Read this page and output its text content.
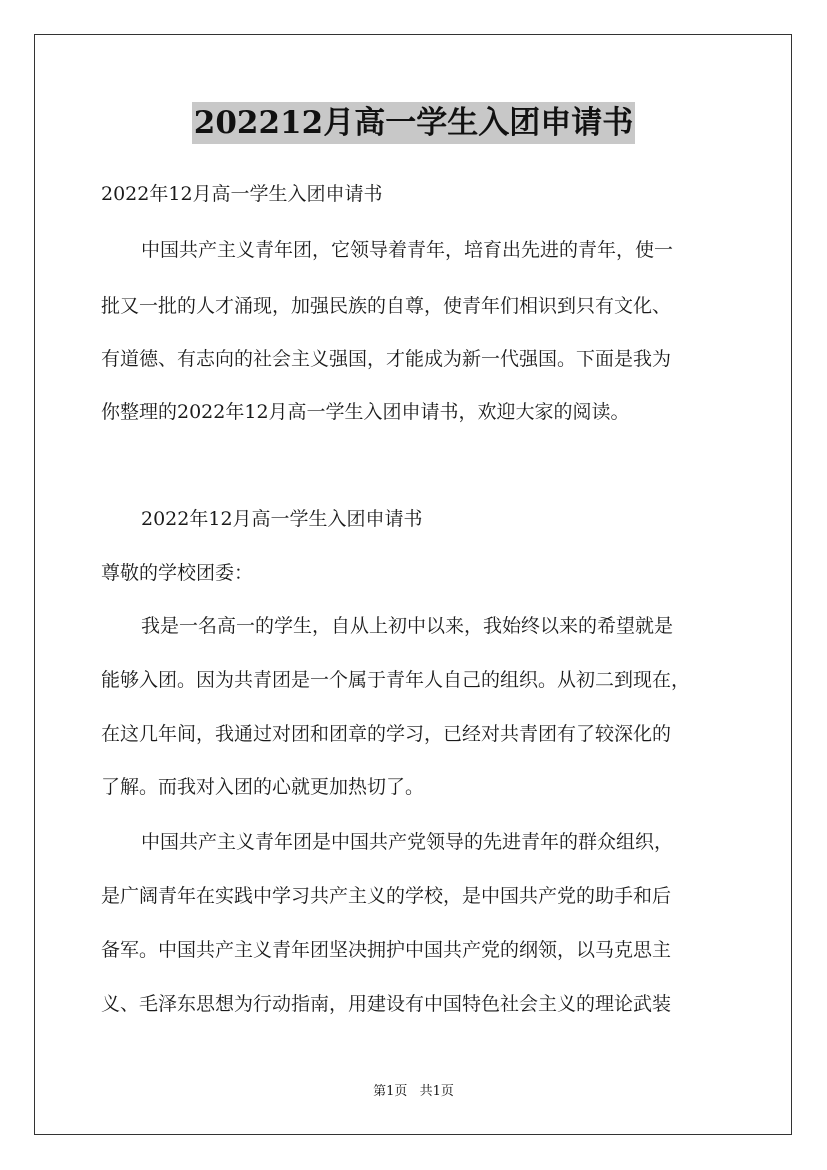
202212月高一学生入团申请书
2022年12月高一学生入团申请书
中国共产主义青年团，它领导着青年，培育出先进的青年，使一
批又一批的人才涌现，加强民族的自尊，使青年们相识到只有文化、
有道德、有志向的社会主义强国，才能成为新一代强国。下面是我为
你整理的2022年12月高一学生入团申请书，欢迎大家的阅读。
2022年12月高一学生入团申请书
尊敬的学校团委：
我是一名高一的学生，自从上初中以来，我始终以来的希望就是
能够入团。因为共青团是一个属于青年人自己的组织。从初二到现在，
在这几年间，我通过对团和团章的学习，已经对共青团有了较深化的
了解。而我对入团的心就更加热切了。
中国共产主义青年团是中国共产党领导的先进青年的群众组织，
是广阔青年在实践中学习共产主义的学校，是中国共产党的助手和后
备军。中国共产主义青年团坚决拥护中国共产党的纲领，以马克思主
义、毛泽东思想为行动指南，用建设有中国特色社会主义的理论武装
第1页 共1页
